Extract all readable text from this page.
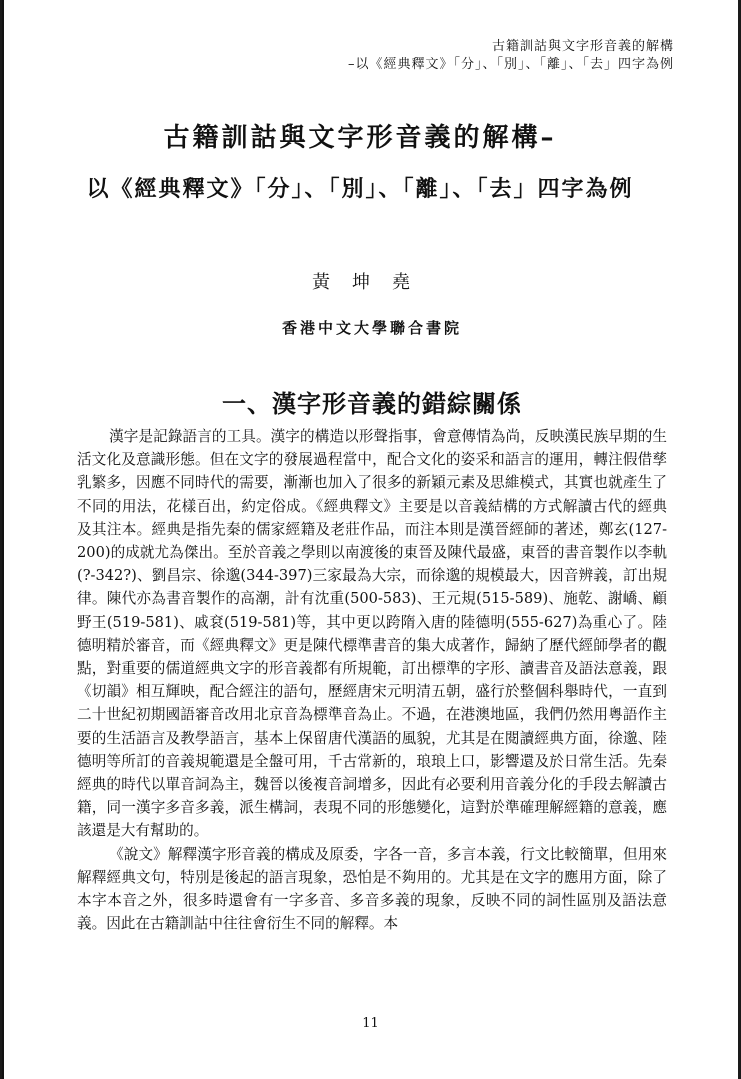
古籍訓詁與文字形音義的解構
–以《經典釋文》「分」、「別」、「離」、「去」四字為例
古籍訓詁與文字形音義的解構–
以《經典釋文》「分」、「別」、「離」、「去」四字為例
黃坤堯
香港中文大學聯合書院
一、漢字形音義的錯綜關係

漢字是記錄語言的工具。漢字的構造以形聲指事，會意傳情為尚，反映漢民族早期的生活文化及意識形態。但在文字的發展過程當中，配合文化的姿采和語言的運用，轉注假借孳乳繁多，因應不同時代的需要，漸漸也加入了很多的新穎元素及思維模式，其實也就產生了不同的用法，花樣百出，約定俗成。《經典釋文》主要是以音義結構的方式解讀古代的經典及其注本。經典是指先秦的儒家經籍及老莊作品，而注本則是漢晉經師的著述，鄭玄(127-200)的成就尤為傑出。至於音義之學則以南渡後的東晉及陳代最盛，東晉的書音製作以李軌(?-342?)、劉昌宗、徐邈(344-397)三家最為大宗，而徐邈的規模最大，因音辨義，訂出規律。陳代亦為書音製作的高潮，計有沈重(500-583)、王元規(515-589)、施乾、謝嶠、顧野王(519-581)、戚袞(519-581)等，其中更以跨隋入唐的陸德明(555-627)為重心了。陸德明精於審音，而《經典釋文》更是陳代標準書音的集大成著作，歸納了歷代經師學者的觀點，對重要的儒道經典文字的形音義都有所規範，訂出標準的字形、讀書音及語法意義，跟《切韻》相互輝映，配合經注的語句，歷經唐宋元明清五朝，盛行於整個科舉時代，一直到二十世紀初期國語審音改用北京音為標準音為止。不過，在港澳地區，我們仍然用粵語作主要的生活語言及教學語言，基本上保留唐代漢語的風貌，尤其是在閱讀經典方面，徐邈、陸德明等所訂的音義規範還是全盤可用，千古常新的，琅琅上口，影響還及於日常生活。先秦經典的時代以單音詞為主，魏晉以後複音詞增多，因此有必要利用音義分化的手段去解讀古籍，同一漢字多音多義，派生構詞，表現不同的形態變化，這對於準確理解經籍的意義，應該還是大有幫助的。

《說文》解釋漢字形音義的構成及原委，字各一音，多言本義，行文比較簡單，但用來解釋經典文句，特別是後起的語言現象，恐怕是不夠用的。尤其是在文字的應用方面，除了本字本音之外，很多時還會有一字多音、多音多義的現象，反映不同的詞性區別及語法意義。因此在古籍訓詁中往往會衍生不同的解釋。本

11
